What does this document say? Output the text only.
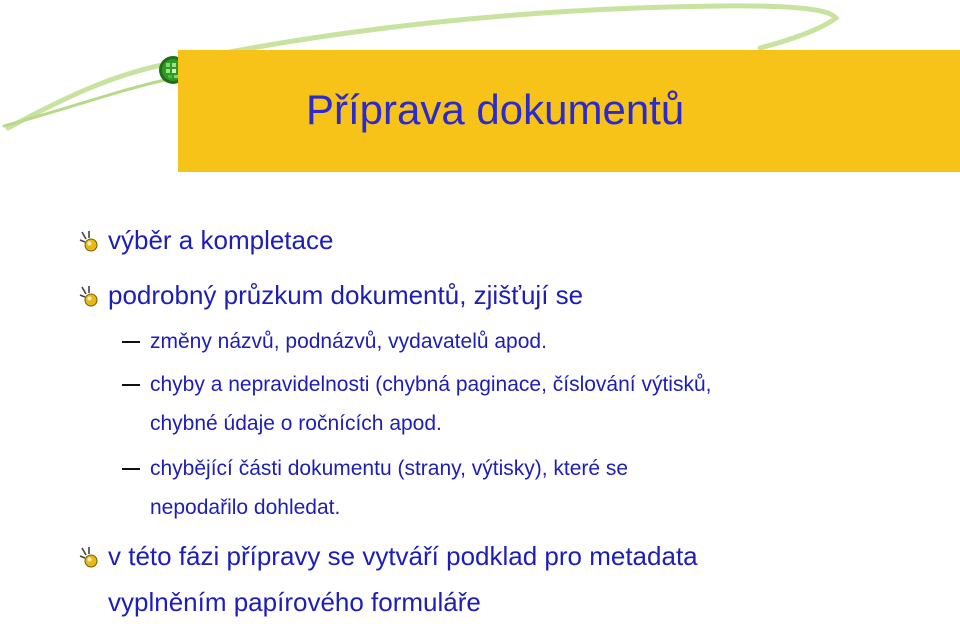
Příprava dokumentů
výběr a kompletace
podrobný průzkum dokumentů, zjišťují se
změny názvů, podnázvů, vydavatelů apod.
chyby a nepravidelnosti (chybná paginace, číslování výtisků,
chybné údaje o ročnících apod.
chybějící části dokumentu (strany, výtisky), které se
nepodařilo dohledat.
v této fázi přípravy se vytváří podklad pro metadata
vyplněním papírového formuláře
